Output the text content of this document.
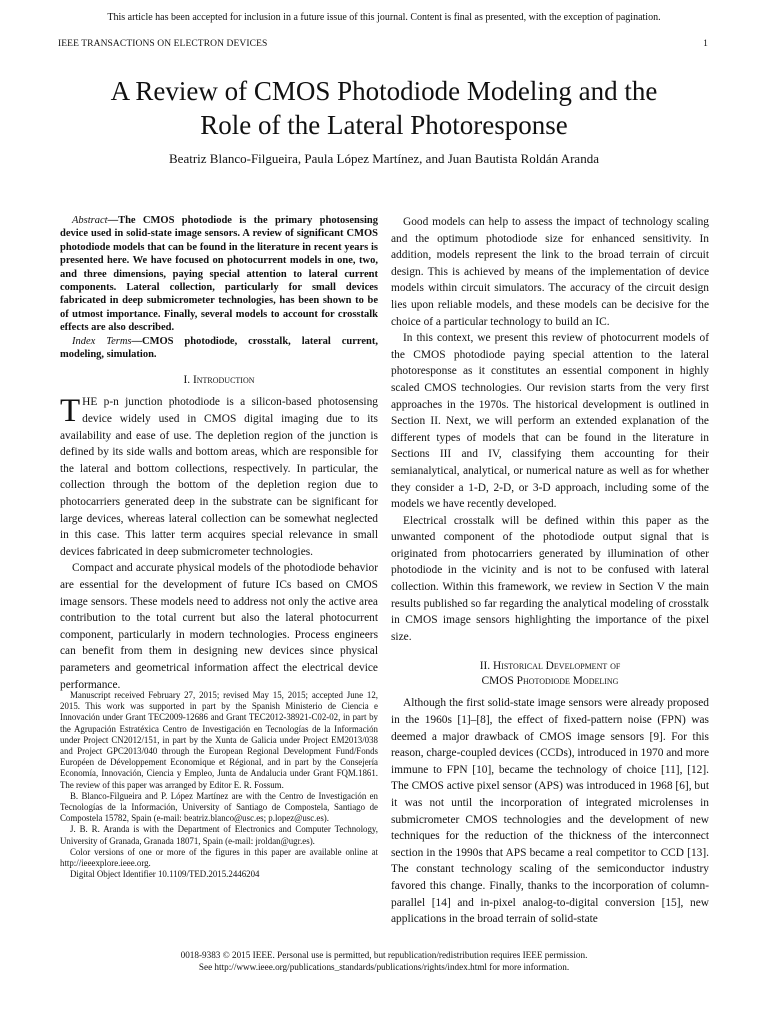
This article has been accepted for inclusion in a future issue of this journal. Content is final as presented, with the exception of pagination.
IEEE TRANSACTIONS ON ELECTRON DEVICES	1
A Review of CMOS Photodiode Modeling and the
Role of the Lateral Photoresponse
Beatriz Blanco-Filgueira, Paula López Martínez, and Juan Bautista Roldán Aranda

Abstract—The CMOS photodiode is the primary photosensing device used in solid-state image sensors. A review of significant CMOS photodiode models that can be found in the literature in recent years is presented here. We have focused on photocurrent models in one, two, and three dimensions, paying special attention to lateral current components. Lateral collection, particularly for small devices fabricated in deep submicrometer technologies, has been shown to be of utmost importance. Finally, several models to account for crosstalk effects are also described.

Index Terms—CMOS photodiode, crosstalk, lateral current, modeling, simulation.

I. Introduction

THE p-n junction photodiode is a silicon-based photosensing device widely used in CMOS digital imaging due to its availability and ease of use. The depletion region of the junction is defined by its side walls and bottom areas, which are responsible for the lateral and bottom collections, respectively. In particular, the collection through the bottom of the depletion region due to photocarriers generated deep in the substrate can be significant for large devices, whereas lateral collection can be somewhat neglected in this case. This latter term acquires special relevance in small devices fabricated in deep submicrometer technologies.

Compact and accurate physical models of the photodiode behavior are essential for the development of future ICs based on CMOS image sensors. These models need to address not only the active area contribution to the total current but also the lateral photocurrent component, particularly in modern technologies. Process engineers can benefit from them in designing new devices since physical parameters and geometrical information affect the electrical device performance.

Manuscript received February 27, 2015; revised May 15, 2015; accepted June 12, 2015. This work was supported in part by the Spanish Ministerio de Ciencia e Innovación under Grant TEC2009-12686 and Grant TEC2012-38921-C02-02, in part by the Agrupación Estratéxica Centro de Investigación en Tecnologías de la Información under Project CN2012/151, in part by the Xunta de Galicia under Project EM2013/038 and Project GPC2013/040 through the European Regional Development Fund/Fonds Européen de Développement Economique et Régional, and in part by the Consejería Economía, Innovación, Ciencia y Empleo, Junta de Andalucia under Grant FQM.1861. The review of this paper was arranged by Editor E. R. Fossum.

B. Blanco-Filgueira and P. López Martínez are with the Centro de Investigación en Tecnologías de la Información, University of Santiago de Compostela, Santiago de Compostela 15782, Spain (e-mail: beatriz.blanco@usc.es; p.lopez@usc.es).

J. B. R. Aranda is with the Department of Electronics and Computer Technology, University of Granada, Granada 18071, Spain (e-mail: jroldan@ugr.es).

Color versions of one or more of the figures in this paper are available online at http://ieeexplore.ieee.org.

Digital Object Identifier 10.1109/TED.2015.2446204

Good models can help to assess the impact of technology scaling and the optimum photodiode size for enhanced sensitivity. In addition, models represent the link to the broad terrain of circuit design. This is achieved by means of the implementation of device models within circuit simulators. The accuracy of the circuit design lies upon reliable models, and these models can be decisive for the choice of a particular technology to build an IC.

In this context, we present this review of photocurrent models of the CMOS photodiode paying special attention to the lateral photoresponse as it constitutes an essential component in highly scaled CMOS technologies. Our revision starts from the very first approaches in the 1970s. The historical development is outlined in Section II. Next, we will perform an extended explanation of the different types of models that can be found in the literature in Sections III and IV, classifying them accounting for their semianalytical, analytical, or numerical nature as well as for whether they consider a 1-D, 2-D, or 3-D approach, including some of the models we have recently developed.

Electrical crosstalk will be defined within this paper as the unwanted component of the photodiode output signal that is originated from photocarriers generated by illumination of other photodiode in the vicinity and is not to be confused with lateral collection. Within this framework, we review in Section V the main results published so far regarding the analytical modeling of crosstalk in CMOS image sensors highlighting the importance of the pixel size.

II. Historical Development of
CMOS Photodiode Modeling

Although the first solid-state image sensors were already proposed in the 1960s [1]–[8], the effect of fixed-pattern noise (FPN) was deemed a major drawback of CMOS image sensors [9]. For this reason, charge-coupled devices (CCDs), introduced in 1970 and more immune to FPN [10], became the technology of choice [11], [12]. The CMOS active pixel sensor (APS) was introduced in 1968 [6], but it was not until the incorporation of integrated microlenses in submicrometer CMOS technologies and the development of new techniques for the reduction of the thickness of the interconnect section in the 1990s that APS became a real competitor to CCD [13]. The constant technology scaling of the semiconductor industry favored this change. Finally, thanks to the incorporation of column-parallel [14] and in-pixel analog-to-digital conversion [15], new applications in the broad terrain of solid-state

0018-9383 © 2015 IEEE. Personal use is permitted, but republication/redistribution requires IEEE permission.
See http://www.ieee.org/publications_standards/publications/rights/index.html for more information.
